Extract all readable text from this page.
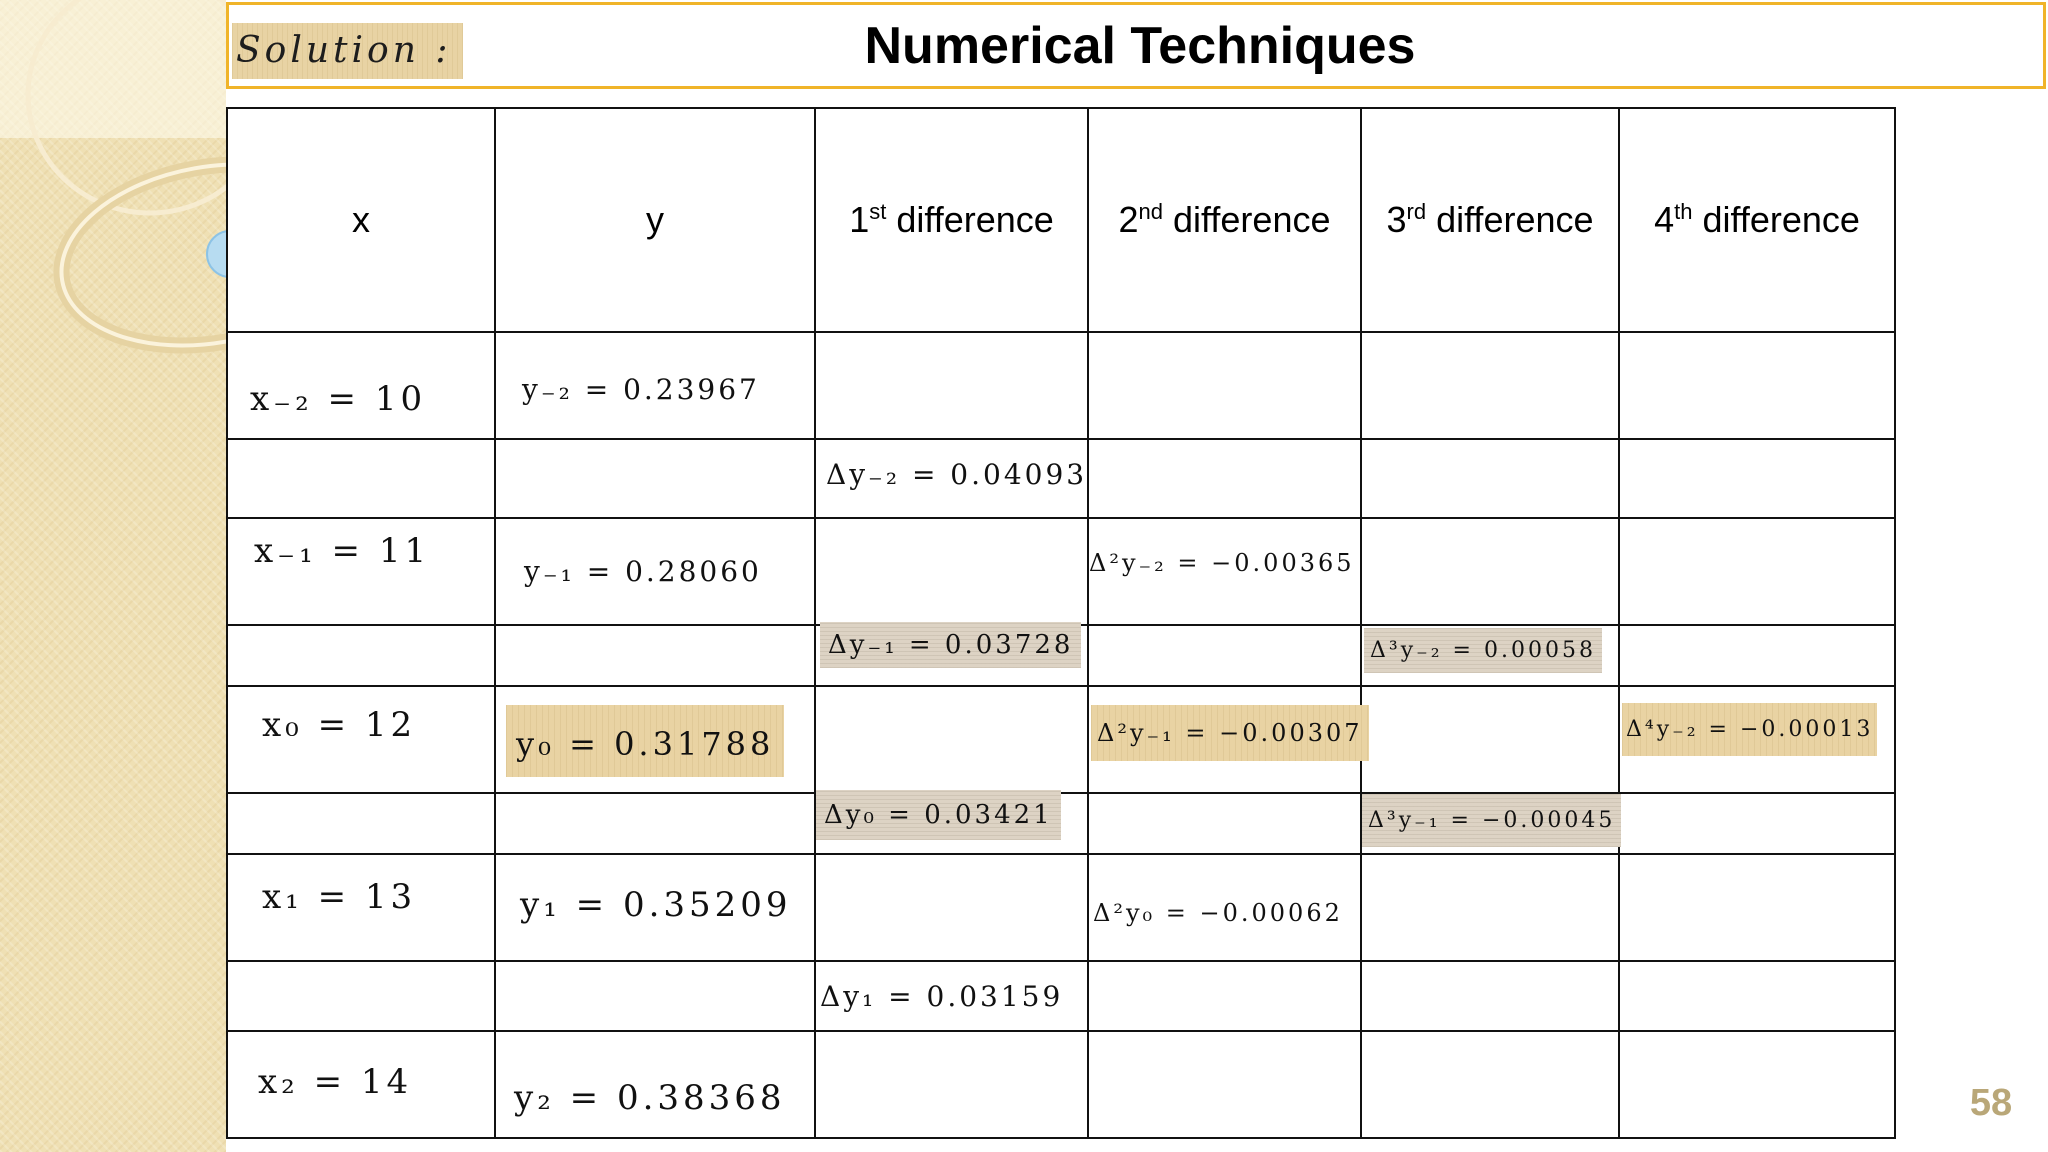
Solution :	Numerical Techniques
x	y	1st difference	2nd difference	3rd difference	4th difference

x₋₂ = 10	y₋₂ = 0.23967				

		Δy₋₂ = 0.04093			

x₋₁ = 11	y₋₁ = 0.28060		Δ²y₋₂ = −0.00365		

		Δy₋₁ = 0.03728		Δ³y₋₂ = 0.00058	

x₀ = 12	y₀ = 0.31788		Δ²y₋₁ = −0.00307		Δ⁴y₋₂ = −0.00013

		Δy₀ = 0.03421		Δ³y₋₁ = −0.00045	

x₁ = 13	y₁ = 0.35209		Δ²y₀ = −0.00062		

		Δy₁ = 0.03159			

x₂ = 14	y₂ = 0.38368				
					58
